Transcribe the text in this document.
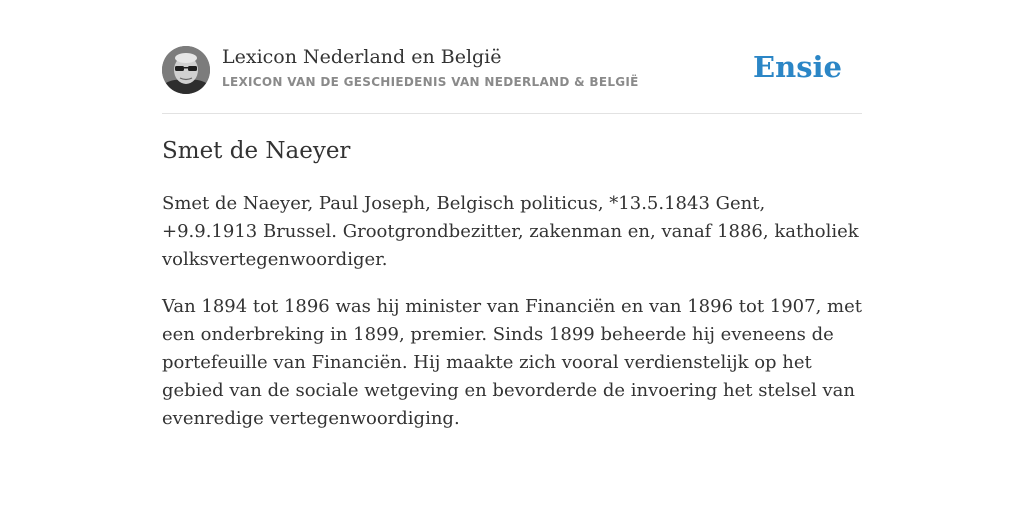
Lexicon Nederland en België
LEXICON VAN DE GESCHIEDENIS VAN NEDERLAND & BELGIË	Ensie
Smet de Naeyer

Smet de Naeyer, Paul Joseph, Belgisch politicus, *13.5.1843 Gent, +9.9.1913 Brussel. Grootgrondbezitter, zakenman en, vanaf 1886, katholiek volksvertegenwoordiger.

Van 1894 tot 1896 was hij minister van Financiën en van 1896 tot 1907, met een onderbreking in 1899, premier. Sinds 1899 beheerde hij eveneens de portefeuille van Financiën. Hij maakte zich vooral verdienstelijk op het gebied van de sociale wetgeving en bevorderde de invoering het stelsel van evenredige vertegenwoordiging.
